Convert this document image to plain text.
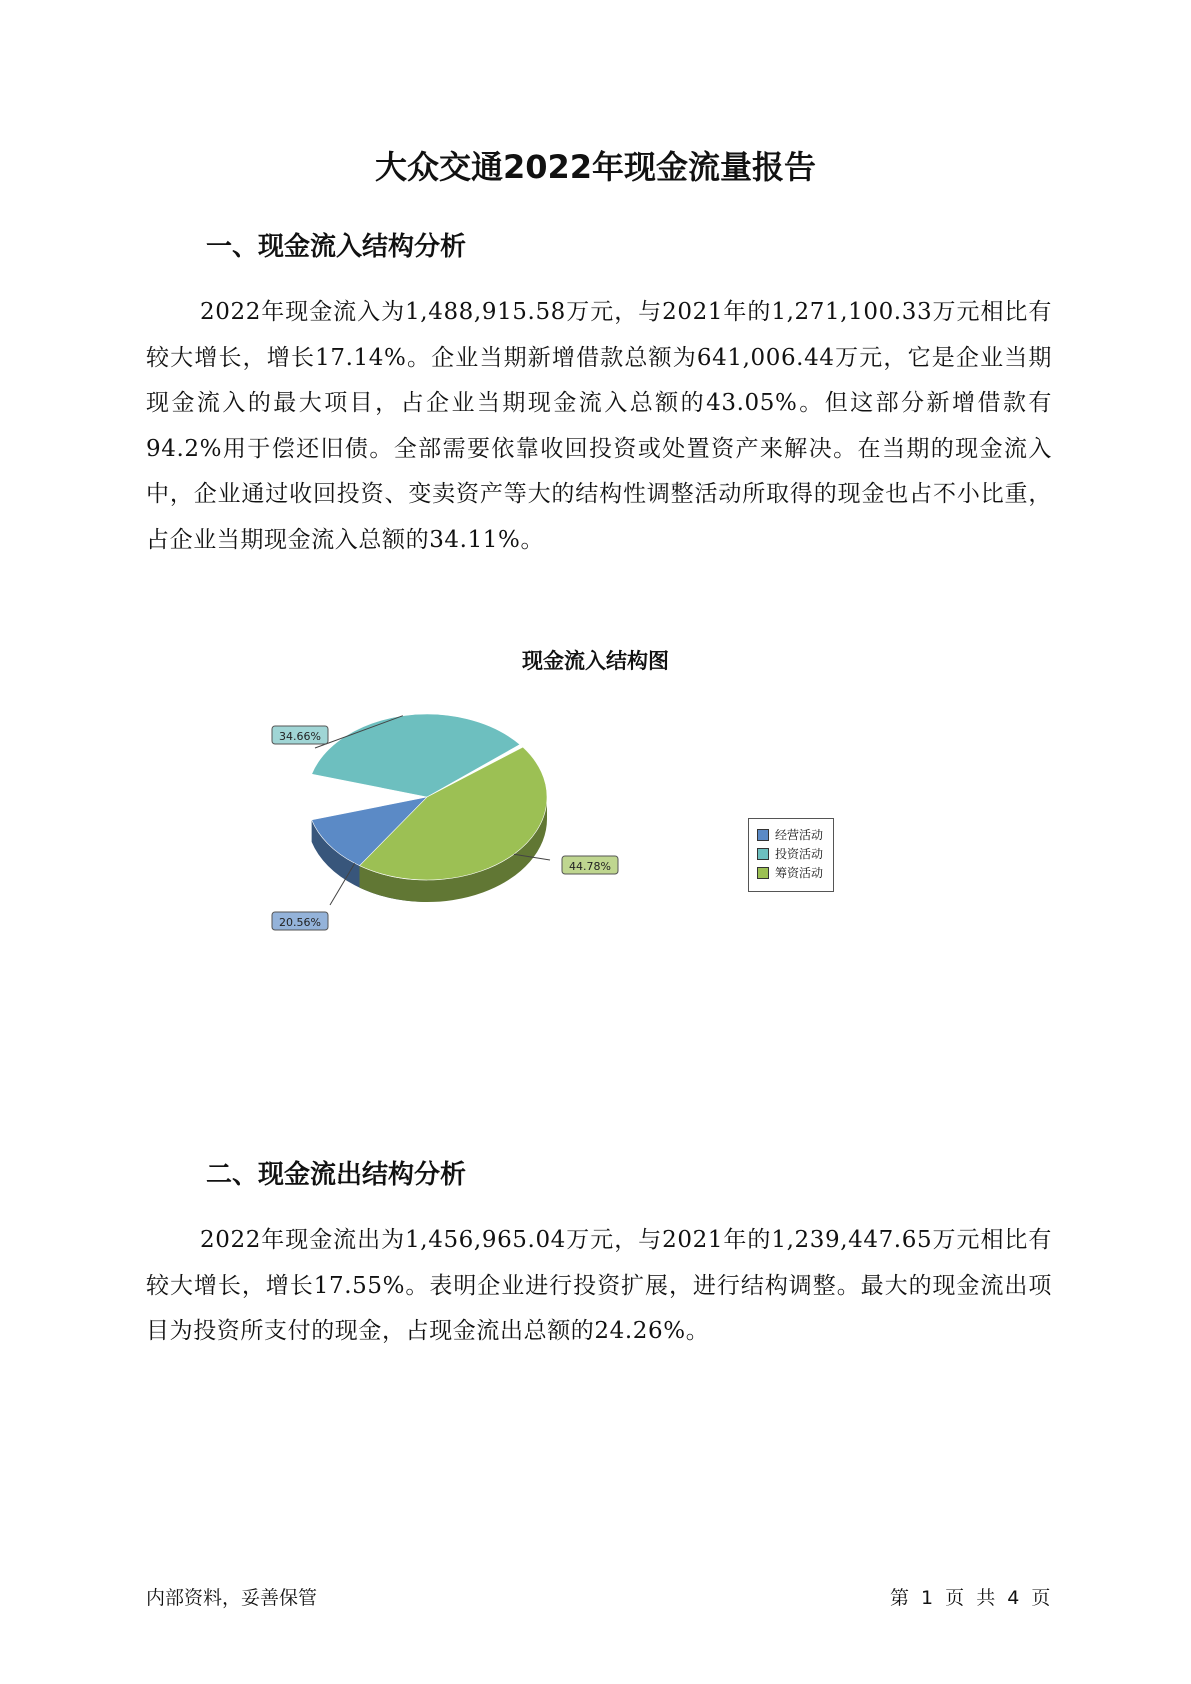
大众交通2022年现金流量报告
一、现金流入结构分析
2022年现金流入为1,488,915.58万元，与2021年的1,271,100.33万元相比有较大增长，增长17.14%。企业当期新增借款总额为641,006.44万元，它是企业当期现金流入的最大项目，占企业当期现金流入总额的43.05%。但这部分新增借款有94.2%用于偿还旧债。全部需要依靠收回投资或处置资产来解决。在当期的现金流入中，企业通过收回投资、变卖资产等大的结构性调整活动所取得的现金也占不小比重，占企业当期现金流入总额的34.11%。
现金流入结构图
20.56%
34.66%
44.78%
经营活动
投资活动
筹资活动
二、现金流出结构分析
2022年现金流出为1,456,965.04万元，与2021年的1,239,447.65万元相比有较大增长，增长17.55%。表明企业进行投资扩展，进行结构调整。最大的现金流出项目为投资所支付的现金，占现金流出总额的24.26%。
内部资料，妥善保管	第 1 页 共 4 页
